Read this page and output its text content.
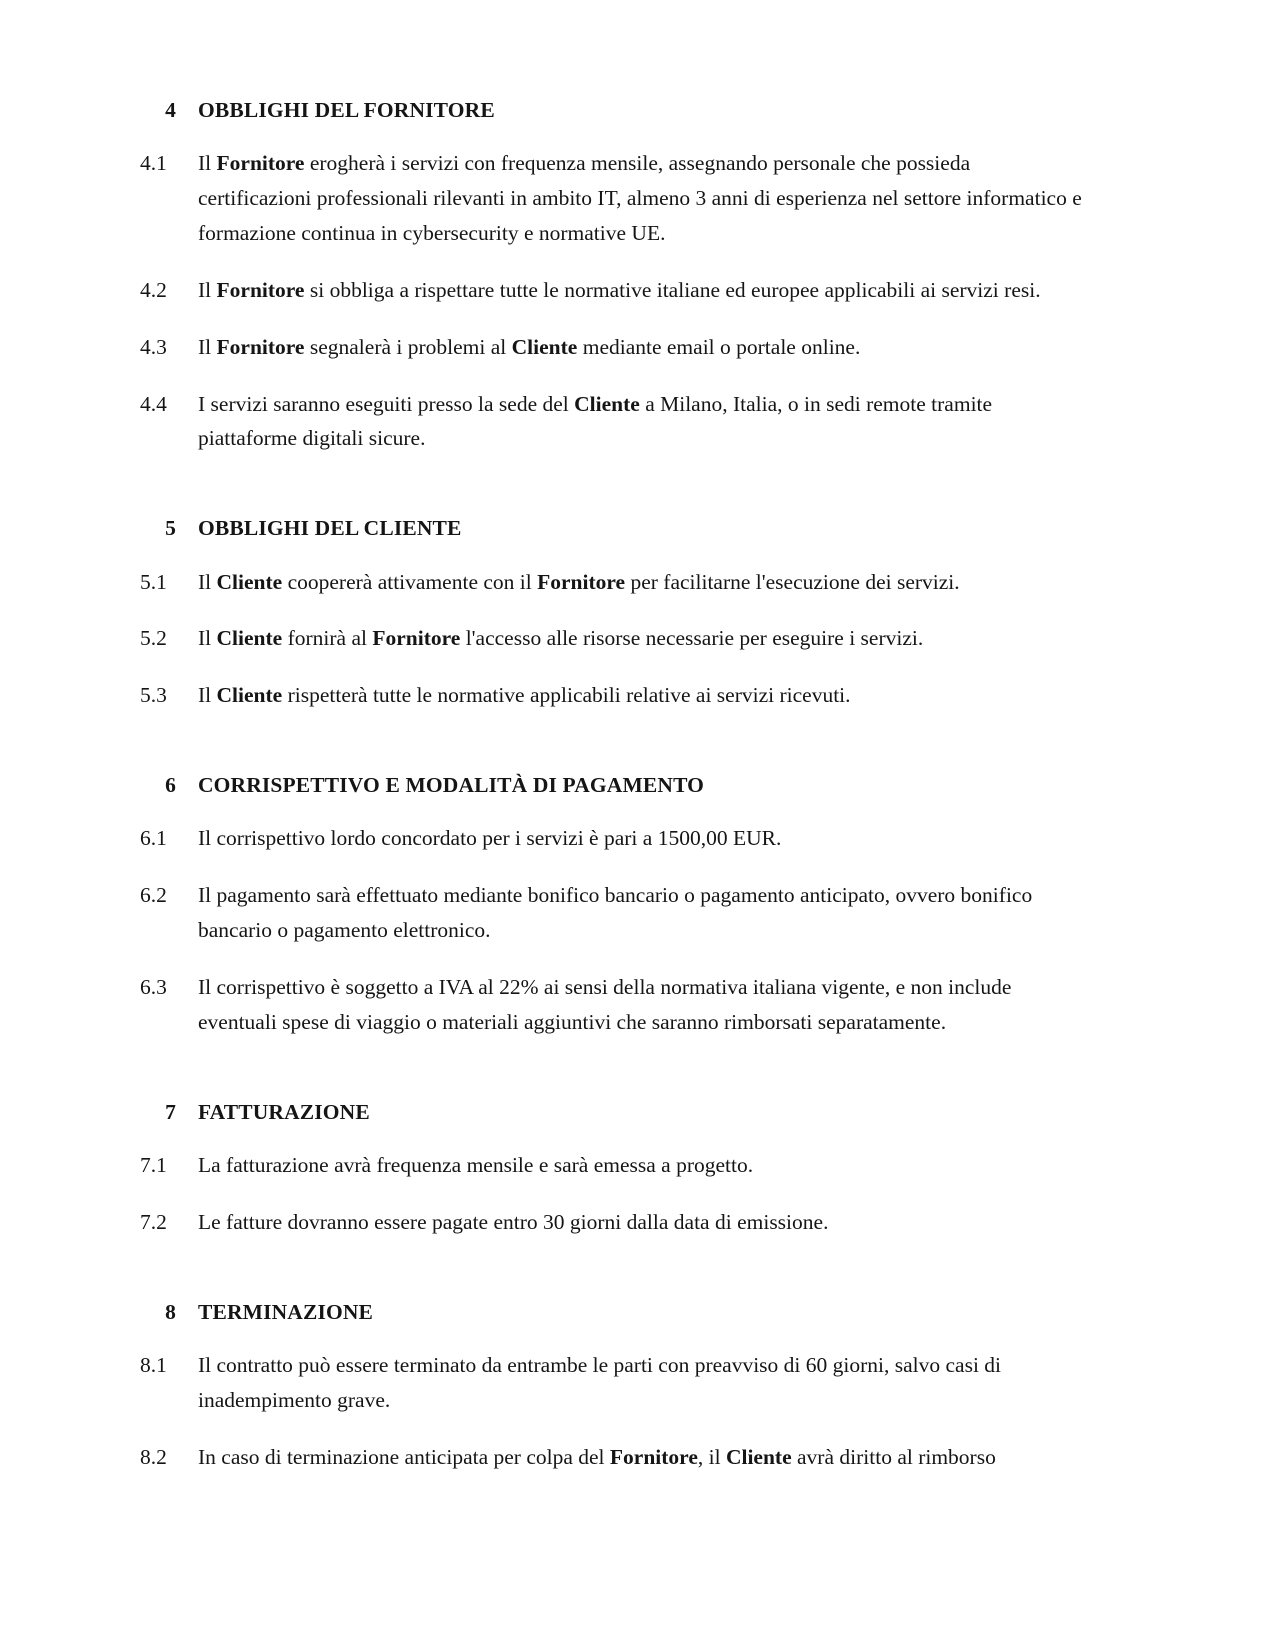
4	OBBLIGHI DEL FORNITORE
4.1	Il Fornitore erogherà i servizi con frequenza mensile, assegnando personale che possieda certificazioni professionali rilevanti in ambito IT, almeno 3 anni di esperienza nel settore informatico e formazione continua in cybersecurity e normative UE.
4.2	Il Fornitore si obbliga a rispettare tutte le normative italiane ed europee applicabili ai servizi resi.
4.3	Il Fornitore segnalerà i problemi al Cliente mediante email o portale online.
4.4	I servizi saranno eseguiti presso la sede del Cliente a Milano, Italia, o in sedi remote tramite piattaforme digitali sicure.
5	OBBLIGHI DEL CLIENTE
5.1	Il Cliente coopererà attivamente con il Fornitore per facilitarne l'esecuzione dei servizi.
5.2	Il Cliente fornirà al Fornitore l'accesso alle risorse necessarie per eseguire i servizi.
5.3	Il Cliente rispetterà tutte le normative applicabili relative ai servizi ricevuti.
6	CORRISPETTIVO E MODALITÀ DI PAGAMENTO
6.1	Il corrispettivo lordo concordato per i servizi è pari a 1500,00 EUR.
6.2	Il pagamento sarà effettuato mediante bonifico bancario o pagamento anticipato, ovvero bonifico bancario o pagamento elettronico.
6.3	Il corrispettivo è soggetto a IVA al 22% ai sensi della normativa italiana vigente, e non include eventuali spese di viaggio o materiali aggiuntivi che saranno rimborsati separatamente.
7	FATTURAZIONE
7.1	La fatturazione avrà frequenza mensile e sarà emessa a progetto.
7.2	Le fatture dovranno essere pagate entro 30 giorni dalla data di emissione.
8	TERMINAZIONE
8.1	Il contratto può essere terminato da entrambe le parti con preavviso di 60 giorni, salvo casi di inadempimento grave.
8.2	In caso di terminazione anticipata per colpa del Fornitore, il Cliente avrà diritto al rimborso
